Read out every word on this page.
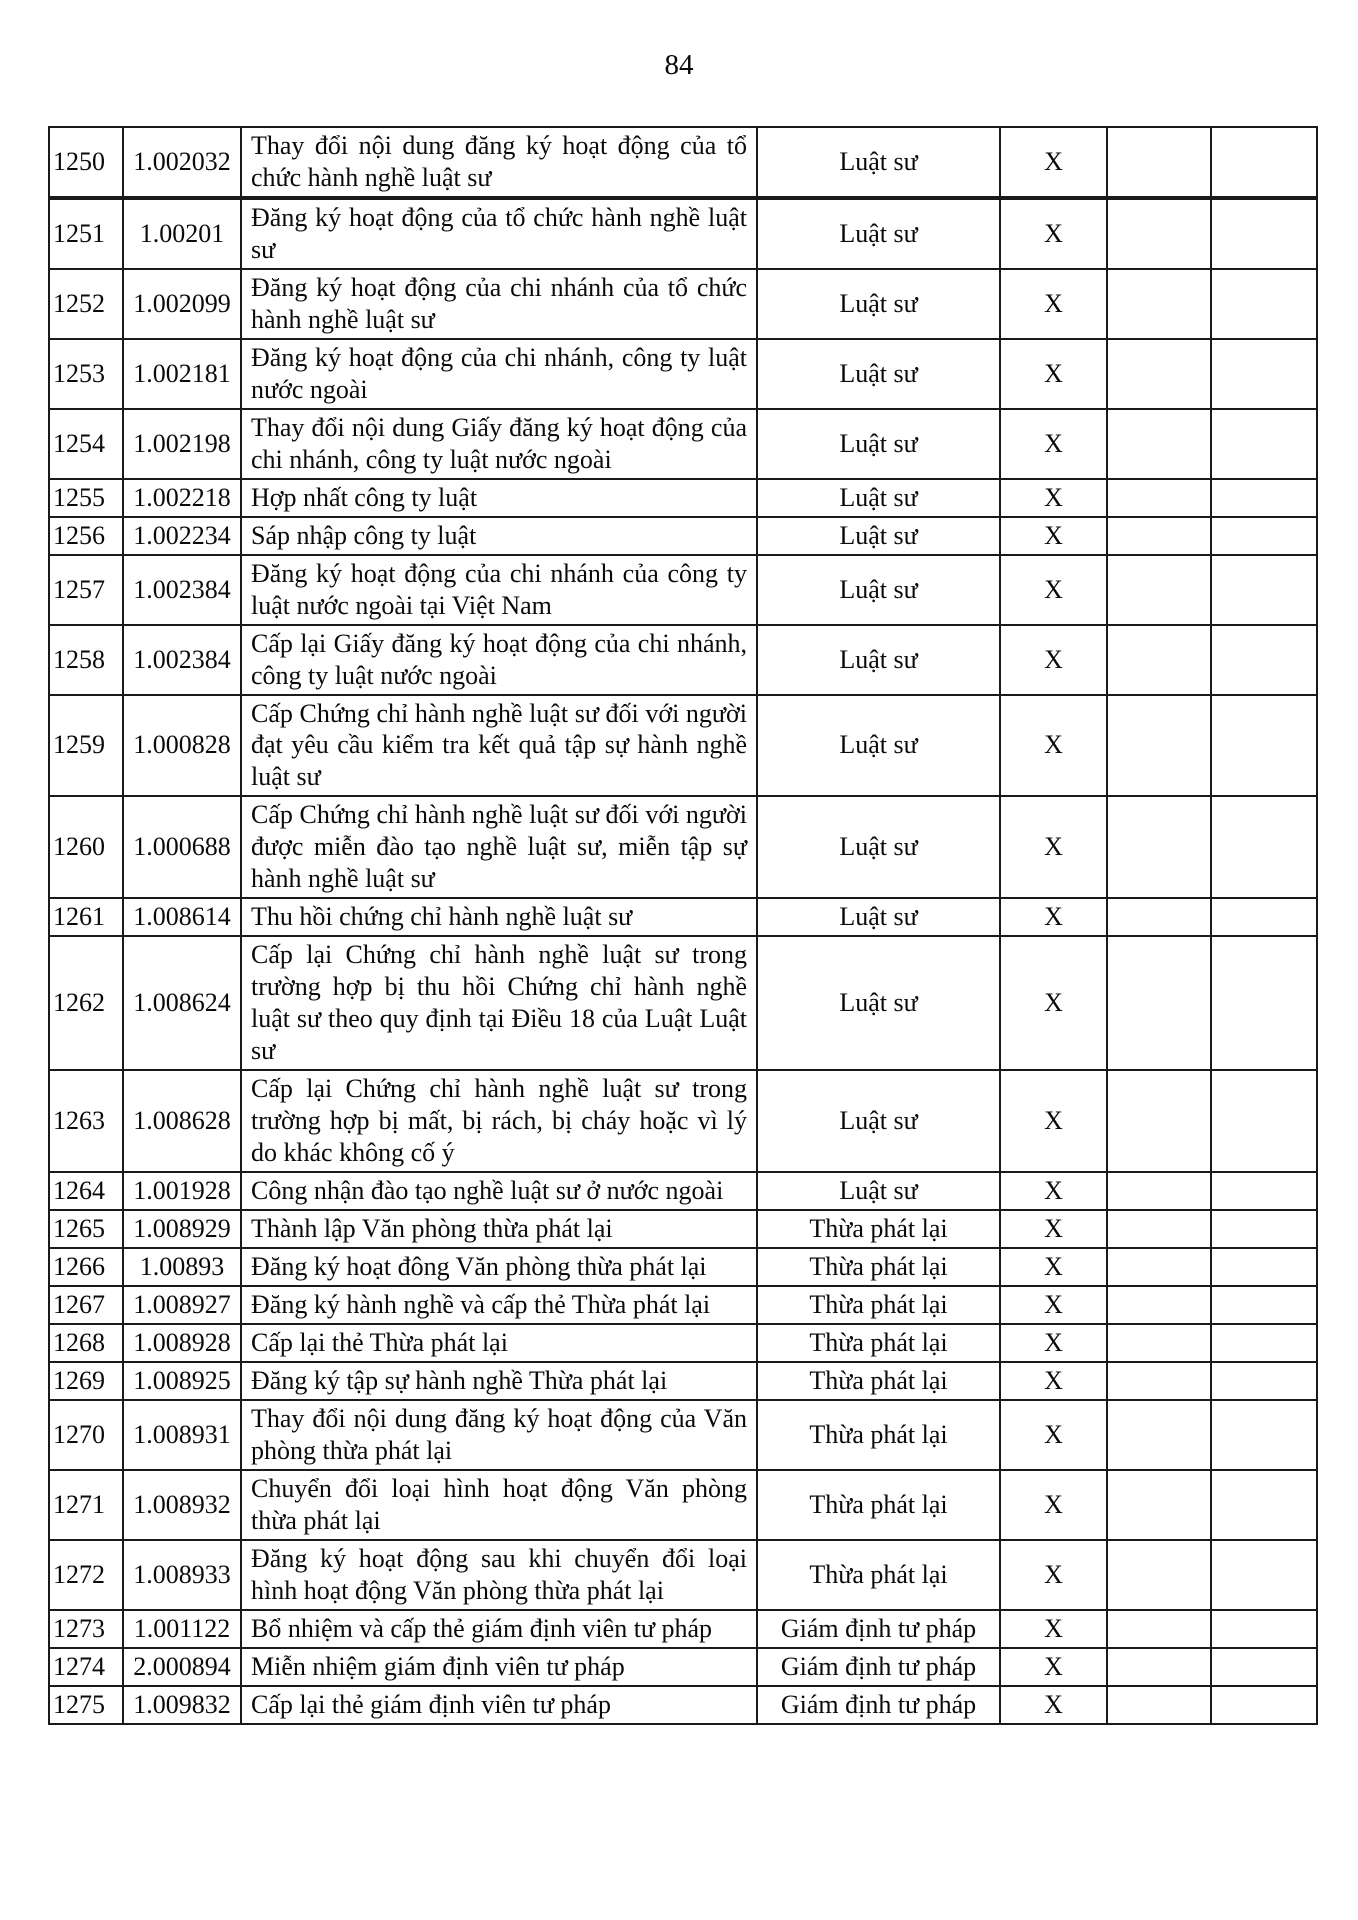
84
1250	1.002032	Thay đổi nội dung đăng ký hoạt động của tổ chức hành nghề luật sư	Luật sư	X		
1251	1.00201	Đăng ký hoạt động của tổ chức hành nghề luật sư	Luật sư	X		
1252	1.002099	Đăng ký hoạt động của chi nhánh của tổ chức hành nghề luật sư	Luật sư	X		
1253	1.002181	Đăng ký hoạt động của chi nhánh, công ty luật nước ngoài	Luật sư	X		
1254	1.002198	Thay đổi nội dung Giấy đăng ký hoạt động của chi nhánh, công ty luật nước ngoài	Luật sư	X		
1255	1.002218	Hợp nhất công ty luật	Luật sư	X		
1256	1.002234	Sáp nhập công ty luật	Luật sư	X		
1257	1.002384	Đăng ký hoạt động của chi nhánh của công ty luật nước ngoài tại Việt Nam	Luật sư	X		
1258	1.002384	Cấp lại Giấy đăng ký hoạt động của chi nhánh, công ty luật nước ngoài	Luật sư	X		
1259	1.000828	Cấp Chứng chỉ hành nghề luật sư đối với người đạt yêu cầu kiểm tra kết quả tập sự hành nghề luật sư	Luật sư	X		
1260	1.000688	Cấp Chứng chỉ hành nghề luật sư đối với người được miễn đào tạo nghề luật sư, miễn tập sự hành nghề luật sư	Luật sư	X		
1261	1.008614	Thu hồi chứng chỉ hành nghề luật sư	Luật sư	X		
1262	1.008624	Cấp lại Chứng chỉ hành nghề luật sư trong trường hợp bị thu hồi Chứng chỉ hành nghề luật sư theo quy định tại Điều 18 của Luật Luật sư	Luật sư	X		
1263	1.008628	Cấp lại Chứng chỉ hành nghề luật sư trong trường hợp bị mất, bị rách, bị cháy hoặc vì lý do khác không cố ý	Luật sư	X		
1264	1.001928	Công nhận đào tạo nghề luật sư ở nước ngoài	Luật sư	X		
1265	1.008929	Thành lập Văn phòng thừa phát lại	Thừa phát lại	X		
1266	1.00893	Đăng ký hoạt đông Văn phòng thừa phát lại	Thừa phát lại	X		
1267	1.008927	Đăng ký hành nghề và cấp thẻ Thừa phát lại	Thừa phát lại	X		
1268	1.008928	Cấp lại thẻ Thừa phát lại	Thừa phát lại	X		
1269	1.008925	Đăng ký tập sự hành nghề Thừa phát lại	Thừa phát lại	X		
1270	1.008931	Thay đổi nội dung đăng ký hoạt động của Văn phòng thừa phát lại	Thừa phát lại	X		
1271	1.008932	Chuyển đổi loại hình hoạt động Văn phòng thừa phát lại	Thừa phát lại	X		
1272	1.008933	Đăng ký hoạt động sau khi chuyển đổi loại hình hoạt động Văn phòng thừa phát lại	Thừa phát lại	X		
1273	1.001122	Bổ nhiệm và cấp thẻ giám định viên tư pháp	Giám định tư pháp	X		
1274	2.000894	Miễn nhiệm giám định viên tư pháp	Giám định tư pháp	X		
1275	1.009832	Cấp lại thẻ giám định viên tư pháp	Giám định tư pháp	X		
